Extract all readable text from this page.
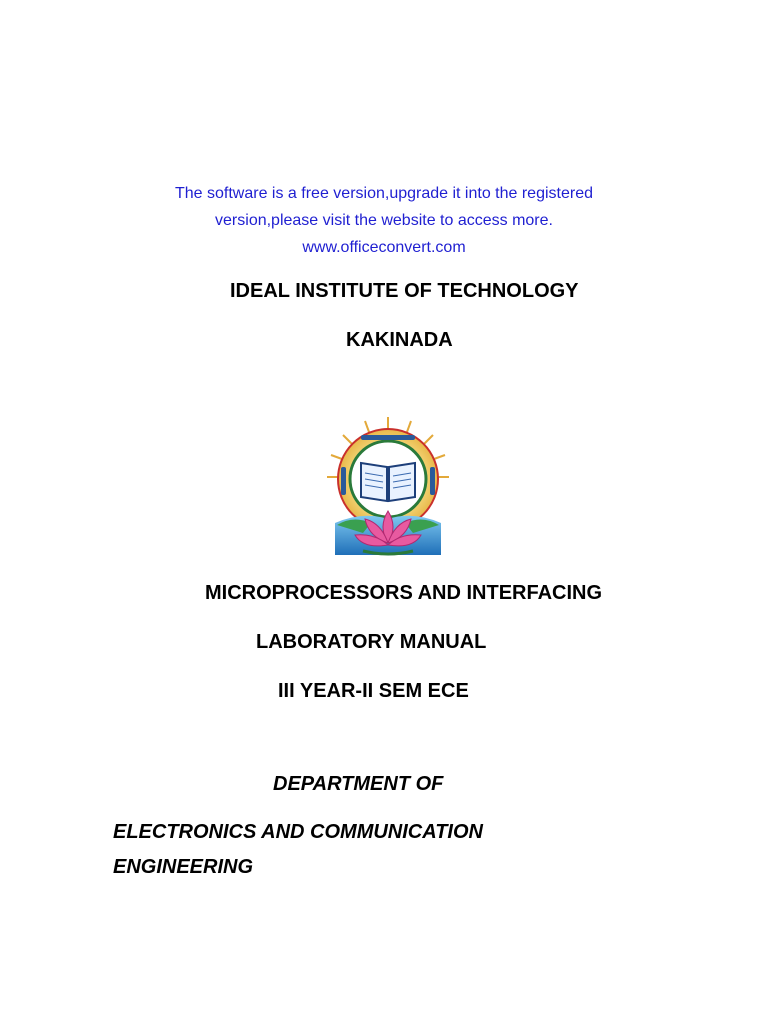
The software is a free version,upgrade it into the registered
version,please visit the website to access more.
www.officeconvert.com
IDEAL INSTITUTE OF TECHNOLOGY
KAKINADA
MICROPROCESSORS AND INTERFACING
LABORATORY MANUAL
III YEAR-II SEM ECE
DEPARTMENT OF
ELECTRONICS AND COMMUNICATION
ENGINEERING
